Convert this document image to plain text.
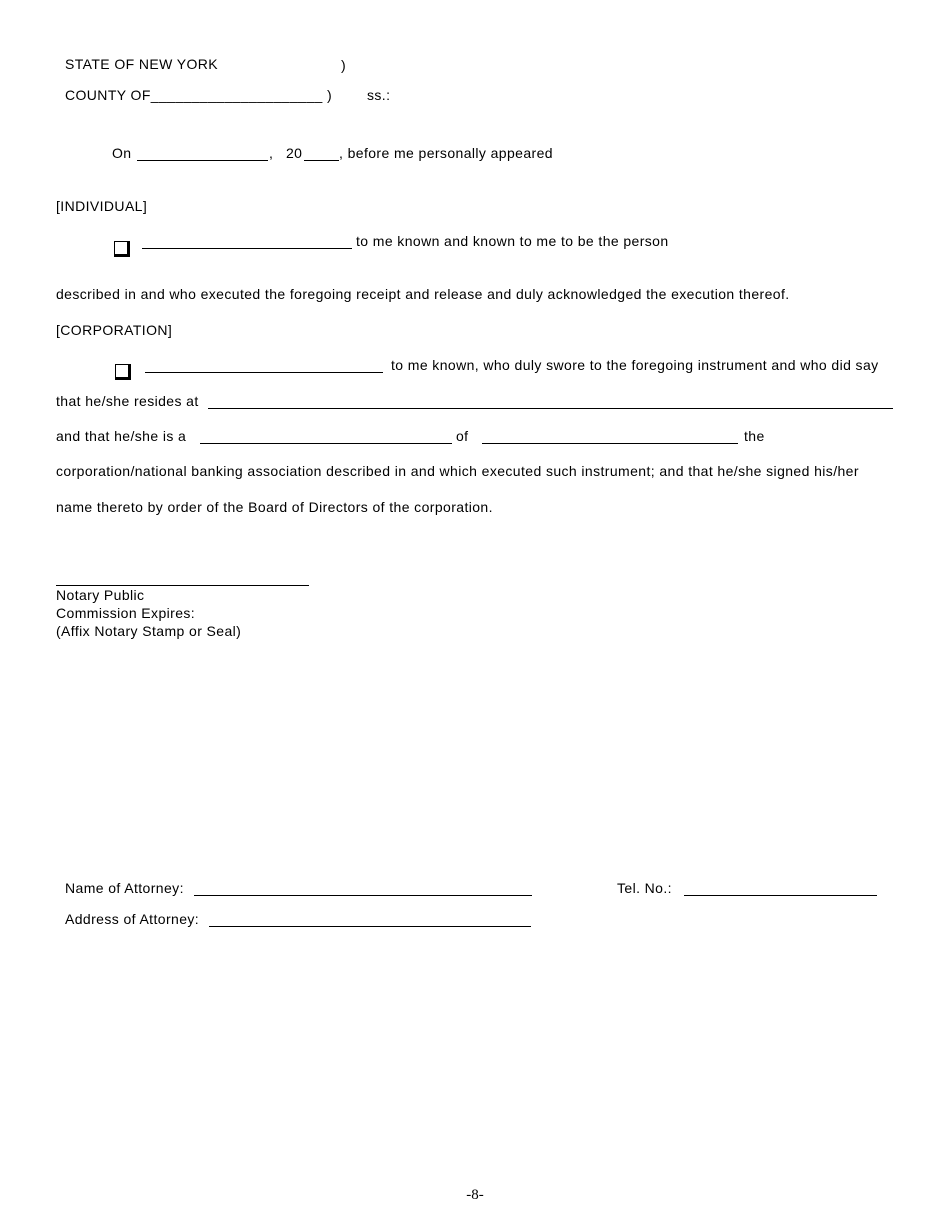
STATE OF NEW YORK	)
COUNTY OF_____________________ ) ss.:
On	, 20	, before me personally appeared
[INDIVIDUAL]
to me known and known to me to be the person
described in and who executed the foregoing receipt and release and duly acknowledged the execution thereof.
[CORPORATION]
to me known, who duly swore to the foregoing instrument and who did say
that he/she resides at
and that he/she is a	of	the
corporation/national banking association described in and which executed such instrument; and that he/she signed his/her
name thereto by order of the Board of Directors of the corporation.
Notary Public
Commission Expires:
(Affix Notary Stamp or Seal)
Name of Attorney:	Tel. No.:
Address of Attorney:
-8-
